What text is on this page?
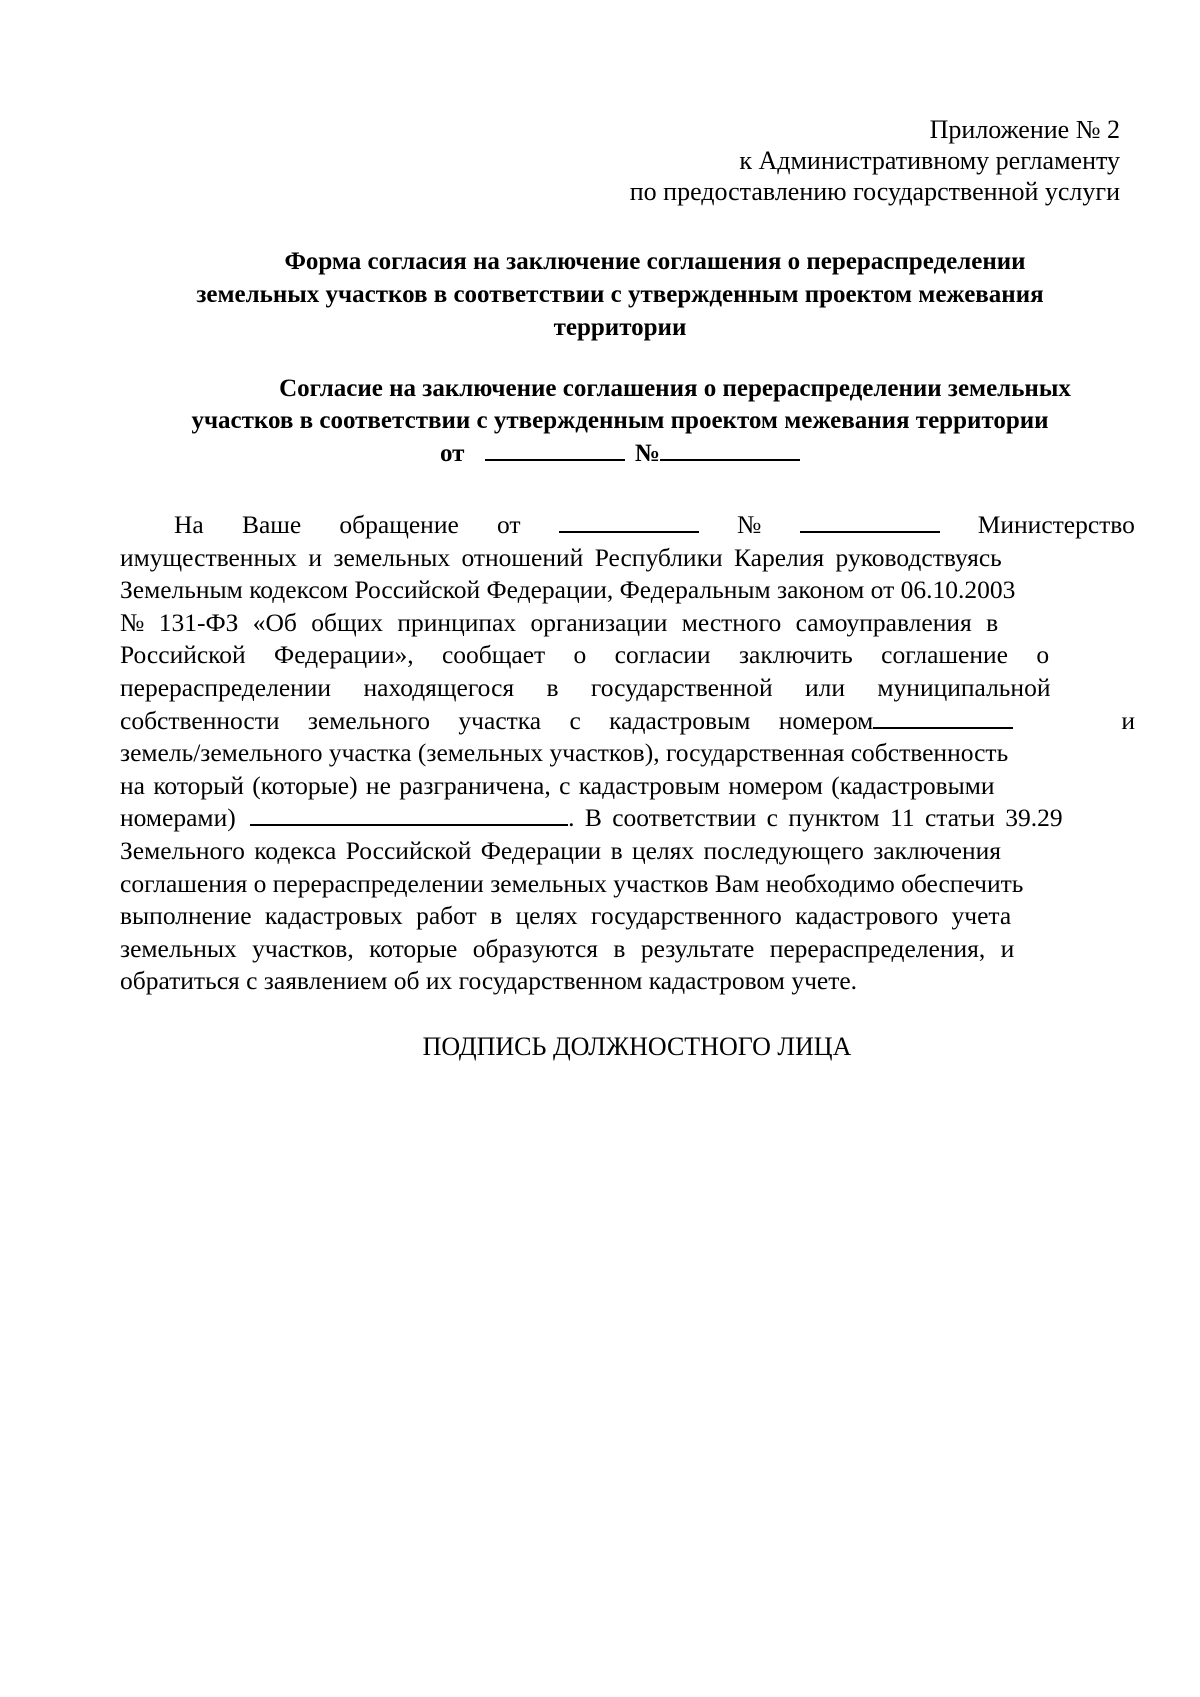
Приложение № 2
к Административному регламенту
по предоставлению государственной услуги
Форма согласия на заключение соглашения о перераспределении
земельных участков в соответствии с утвержденным проектом межевания
территории
Согласие на заключение соглашения о перераспределении земельных
участков в соответствии с утвержденным проектом межевания территории
от	№
На Ваше обращение от	№	Министерство
имущественных и земельных отношений Республики Карелия руководствуясь
Земельным кодексом Российской Федерации, Федеральным законом от 06.10.2003
№ 131-ФЗ «Об общих принципах организации местного самоуправления в
Российской Федерации», сообщает о согласии заключить соглашение о
перераспределении находящегося в государственной или муниципальной
собственности земельного участка с кадастровым номером	и
земель/земельного участка (земельных участков), государственная собственность
на который (которые) не разграничена, с кадастровым номером (кадастровыми
номерами)	. В соответствии с пунктом 11 статьи 39.29
Земельного кодекса Российской Федерации в целях последующего заключения
соглашения о перераспределении земельных участков Вам необходимо обеспечить
выполнение кадастровых работ в целях государственного кадастрового учета
земельных участков, которые образуются в результате перераспределения, и
обратиться с заявлением об их государственном кадастровом учете.
ПОДПИСЬ ДОЛЖНОСТНОГО ЛИЦА
